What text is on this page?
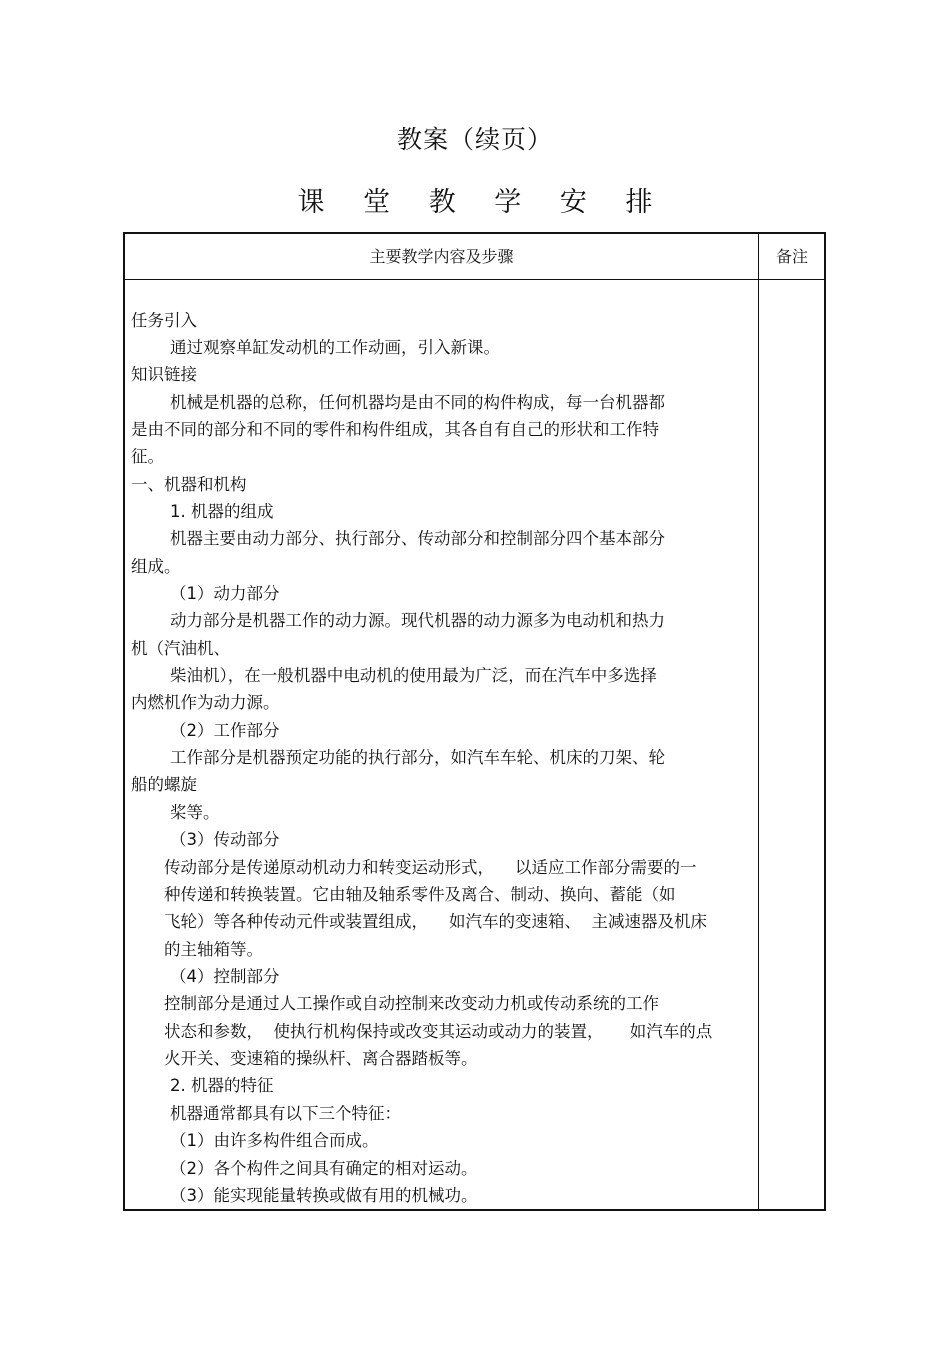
教案（续页）
课 堂 教 学 安 排
主要教学内容及步骤	备注
任务引入
通过观察单缸发动机的工作动画，引入新课。
知识链接
机械是机器的总称，任何机器均是由不同的构件构成，每一台机器都
是由不同的部分和不同的零件和构件组成，其各自有自己的形状和工作特
征。
一、机器和机构
1. 机器的组成
机器主要由动力部分、执行部分、传动部分和控制部分四个基本部分
组成。
（1）动力部分
动力部分是机器工作的动力源。现代机器的动力源多为电动机和热力
机（汽油机、
柴油机），在一般机器中电动机的使用最为广泛，而在汽车中多选择
内燃机作为动力源。
（2）工作部分
工作部分是机器预定功能的执行部分，如汽车车轮、机床的刀架、轮
船的螺旋
桨等。
（3）传动部分
传动部分是传递原动机动力和转变运动形式，    以适应工作部分需要的一
种传递和转换装置。它由轴及轴系零件及离合、制动、换向、蓄能（如
飞轮）等各种传动元件或装置组成，    如汽车的变速箱、  主减速器及机床
的主轴箱等。
（4）控制部分
控制部分是通过人工操作或自动控制来改变动力机或传动系统的工作
状态和参数，  使执行机构保持或改变其运动或动力的装置，     如汽车的点
火开关、变速箱的操纵杆、离合器踏板等。
2. 机器的特征
机器通常都具有以下三个特征：
（1）由许多构件组合而成。
（2）各个构件之间具有确定的相对运动。
（3）能实现能量转换或做有用的机械功。
